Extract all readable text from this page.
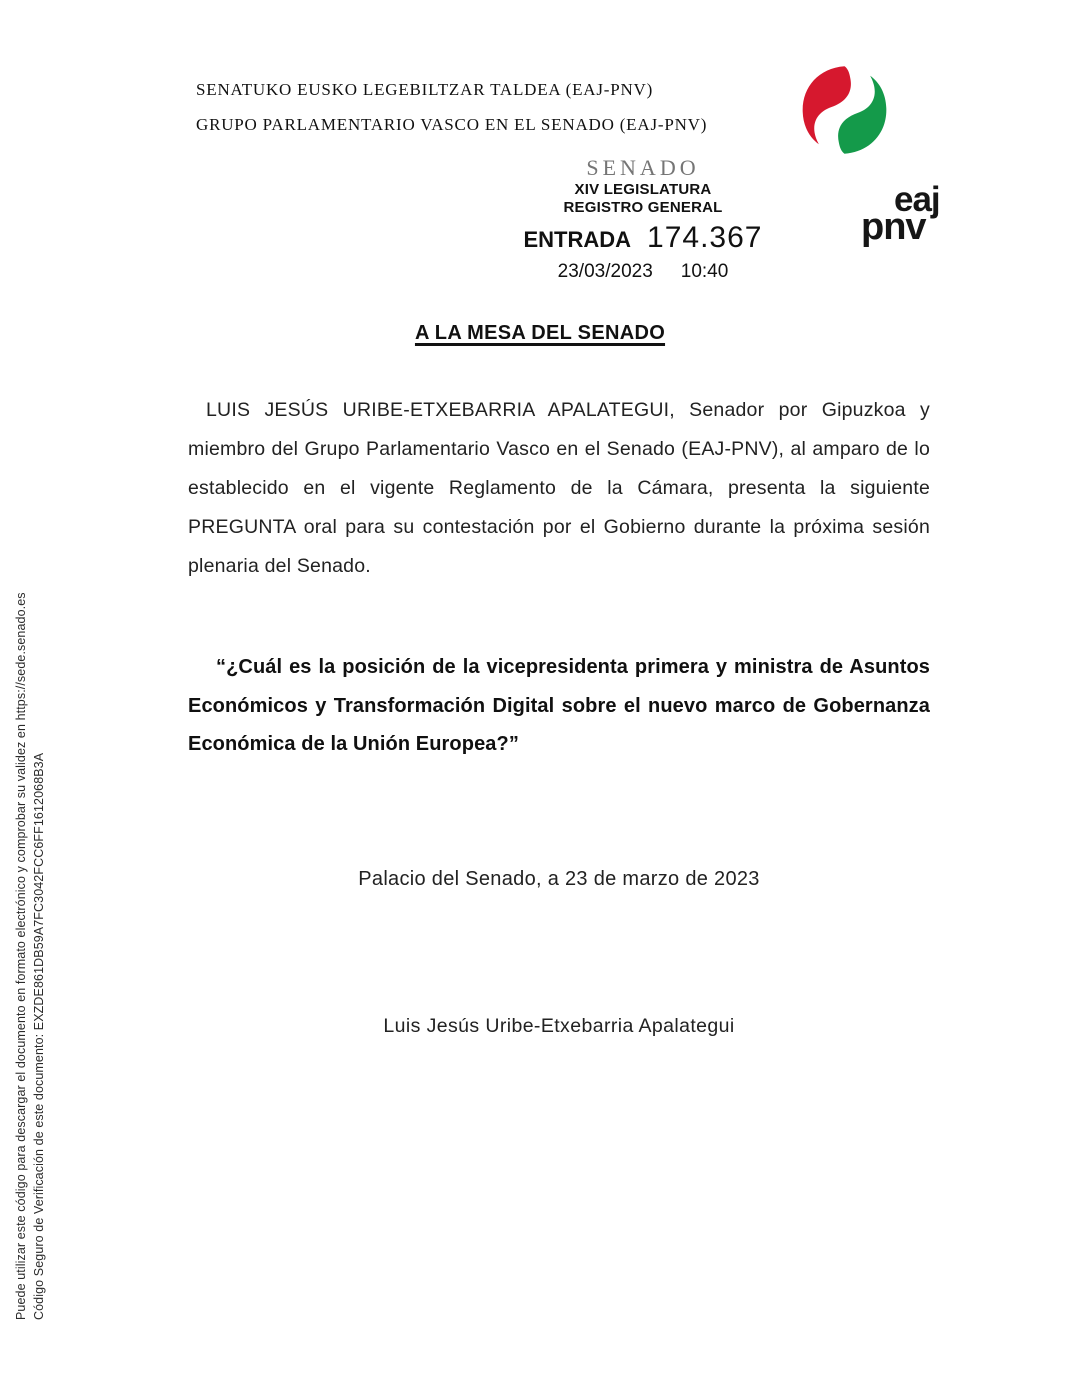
SENATUKO EUSKO LEGEBILTZAR TALDEA (EAJ-PNV)
GRUPO PARLAMENTARIO VASCO EN EL SENADO (EAJ-PNV)
eaj
pnv
SENADO
XIV LEGISLATURA
REGISTRO GENERAL
ENTRADA 174.367
23/03/2023 10:40
A LA MESA DEL SENADO
LUIS JESÚS URIBE-ETXEBARRIA APALATEGUI, Senador por Gipuzkoa y miembro del Grupo Parlamentario Vasco en el Senado (EAJ-PNV), al amparo de lo establecido en el vigente Reglamento de la Cámara, presenta la siguiente PREGUNTA oral para su contestación por el Gobierno durante la próxima sesión plenaria del Senado.
“¿Cuál es la posición de la vicepresidenta primera y ministra de Asuntos Económicos y Transformación Digital sobre el nuevo marco de Gobernanza Económica de la Unión Europea?”
Palacio del Senado, a 23 de marzo de 2023
Luis Jesús Uribe-Etxebarria Apalategui
Código Seguro de Verificación de este documento: EXZDE861DB59A7FC3042FCC6FF1612068B3A
Puede utilizar este código para descargar el documento en formato electrónico y comprobar su validez en https://sede.senado.es
